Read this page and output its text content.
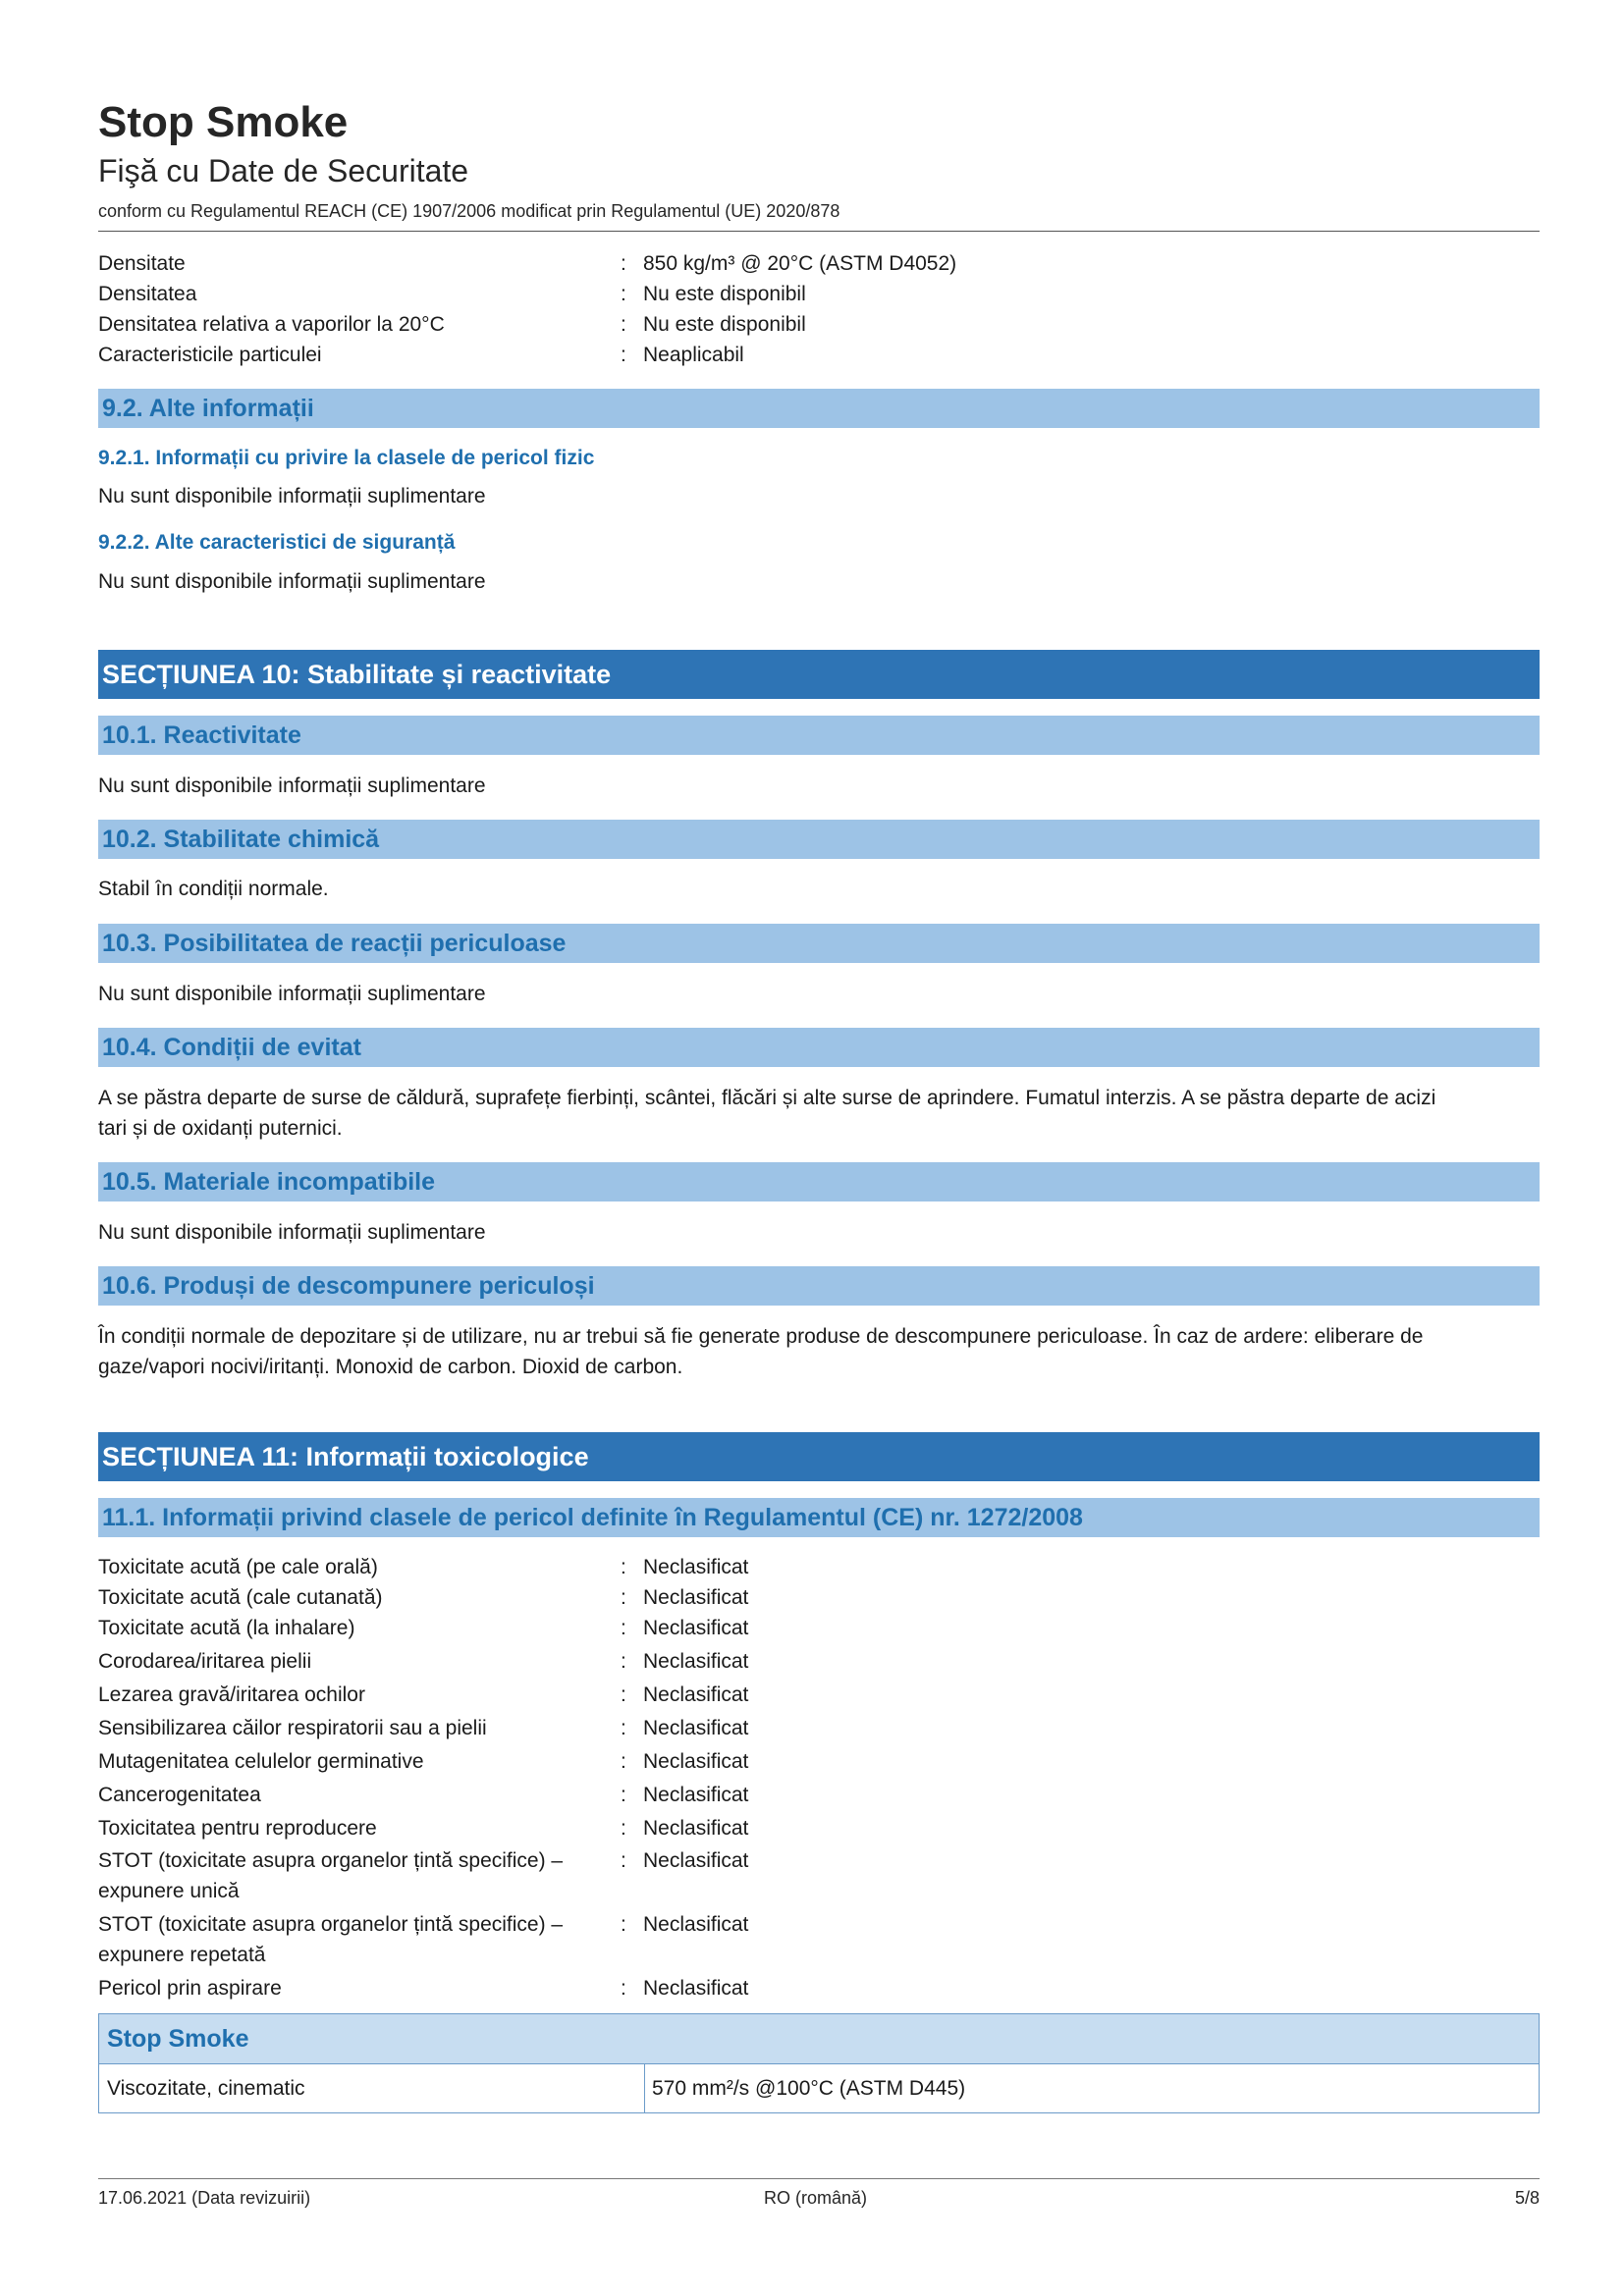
Stop Smoke
Fişă cu Date de Securitate
conform cu Regulamentul REACH (CE) 1907/2006 modificat prin Regulamentul (UE) 2020/878
Densitate	: 850 kg/m³ @ 20°C (ASTM D4052)
Densitatea	: Nu este disponibil
Densitatea relativa a vaporilor la 20°C	: Nu este disponibil
Caracteristicile particulei	: Neaplicabil
9.2. Alte informații
9.2.1. Informații cu privire la clasele de pericol fizic
Nu sunt disponibile informații suplimentare
9.2.2. Alte caracteristici de siguranță
Nu sunt disponibile informații suplimentare
SECȚIUNEA 10: Stabilitate și reactivitate
10.1. Reactivitate
Nu sunt disponibile informații suplimentare
10.2. Stabilitate chimică
Stabil în condiții normale.
10.3. Posibilitatea de reacții periculoase
Nu sunt disponibile informații suplimentare
10.4. Condiții de evitat
A se păstra departe de surse de căldură, suprafețe fierbinți, scântei, flăcări și alte surse de aprindere. Fumatul interzis. A se păstra departe de acizi
tari și de oxidanți puternici.
10.5. Materiale incompatibile
Nu sunt disponibile informații suplimentare
10.6. Produși de descompunere periculoși
În condiții normale de depozitare și de utilizare, nu ar trebui să fie generate produse de descompunere periculoase. În caz de ardere: eliberare de
gaze/vapori nocivi/iritanți. Monoxid de carbon. Dioxid de carbon.
SECȚIUNEA 11: Informații toxicologice
11.1. Informații privind clasele de pericol definite în Regulamentul (CE) nr. 1272/2008
Toxicitate acută (pe cale orală)	: Neclasificat
Toxicitate acută (cale cutanată)	: Neclasificat
Toxicitate acută (la inhalare)	: Neclasificat
Corodarea/iritarea pielii	: Neclasificat
Lezarea gravă/iritarea ochilor	: Neclasificat
Sensibilizarea căilor respiratorii sau a pielii	: Neclasificat
Mutagenitatea celulelor germinative	: Neclasificat
Cancerogenitatea	: Neclasificat
Toxicitatea pentru reproducere	: Neclasificat
STOT (toxicitate asupra organelor țintă specifice) –	: Neclasificat
expunere unică
STOT (toxicitate asupra organelor țintă specifice) –	: Neclasificat
expunere repetată
Pericol prin aspirare	: Neclasificat
Stop Smoke
Viscozitate, cinematic	570 mm²/s @100°C (ASTM D445)
17.06.2021 (Data revizuirii)	RO (română)	5/8
